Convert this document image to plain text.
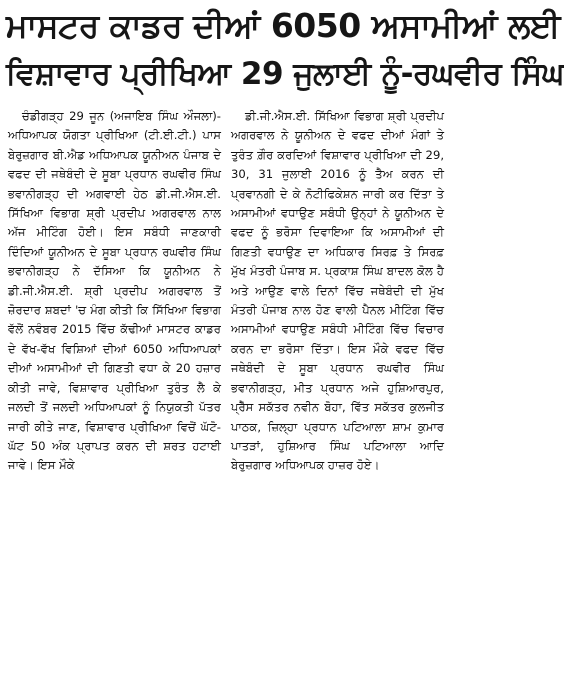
ਮਾਸਟਰ ਕਾਡਰ ਦੀਆਂ 6050 ਅਸਾਮੀਆਂ ਲਈ
ਵਿਸ਼ਾਵਾਰ ਪ੍ਰੀਖਿਆ 29 ਜੁਲਾਈ ਨੂੰ-ਰਘਵੀਰ ਸਿੰਘ

ਚੰਡੀਗੜ੍ਹ 29 ਜੂਨ (ਅਜਾਇਬ ਸਿੰਘ ਔਜਲਾ)-ਅਧਿਆਪਕ ਯੋਗਤਾ ਪ੍ਰੀਖਿਆ (ਟੀ.ਈ.ਟੀ.) ਪਾਸ ਬੇਰੁਜ਼ਗਾਰ ਬੀ.ਐਡ ਅਧਿਆਪਕ ਯੂਨੀਅਨ ਪੰਜਾਬ ਦੇ ਵਫਦ ਦੀ ਜਥੇਬੰਦੀ ਦੇ ਸੂਬਾ ਪ੍ਰਧਾਨ ਰਘਵੀਰ ਸਿੰਘ ਭਵਾਨੀਗੜ੍ਹ ਦੀ ਅਗਵਾਈ ਹੇਠ ਡੀ.ਜੀ.ਐਸ.ਈ. ਸਿੱਖਿਆ ਵਿਭਾਗ ਸ਼੍ਰੀ ਪ੍ਰਦੀਪ ਅਗਰਵਾਲ ਨਾਲ ਅੱਜ ਮੀਟਿੰਗ ਹੋਈ। ਇਸ ਸਬੰਧੀ ਜਾਣਕਾਰੀ ਦਿੰਦਿਆਂ ਯੂਨੀਅਨ ਦੇ ਸੂਬਾ ਪ੍ਰਧਾਨ ਰਘਵੀਰ ਸਿੰਘ ਭਵਾਨੀਗੜ੍ਹ ਨੇ ਦੱਸਿਆ ਕਿ ਯੂਨੀਅਨ ਨੇ ਡੀ.ਜੀ.ਐਸ.ਈ. ਸ਼੍ਰੀ ਪ੍ਰਦੀਪ ਅਗਰਵਾਲ ਤੋਂ ਜ਼ੋਰਦਾਰ ਸ਼ਬਦਾਂ 'ਚ ਮੰਗ ਕੀਤੀ ਕਿ ਸਿੱਖਿਆ ਵਿਭਾਗ ਵੱਲੋਂ ਨਵੰਬਰ 2015 ਵਿੱਚ ਕੱਢੀਆਂ ਮਾਸਟਰ ਕਾਡਰ ਦੇ ਵੱਖ-ਵੱਖ ਵਿਸ਼ਿਆਂ ਦੀਆਂ 6050 ਅਧਿਆਪਕਾਂ ਦੀਆਂ ਅਸਾਮੀਆਂ ਦੀ ਗਿਣਤੀ ਵਧਾ ਕੇ 20 ਹਜ਼ਾਰ ਕੀਤੀ ਜਾਵੇ, ਵਿਸ਼ਾਵਾਰ ਪ੍ਰੀਖਿਆ ਤੁਰੰਤ ਲੈ ਕੇ ਜਲਦੀ ਤੋਂ ਜਲਦੀ ਅਧਿਆਪਕਾਂ ਨੂੰ ਨਿਯੁਕਤੀ ਪੱਤਰ ਜਾਰੀ ਕੀਤੇ ਜਾਣ, ਵਿਸ਼ਾਵਾਰ ਪ੍ਰੀਖਿਆ ਵਿਚੋਂ ਘੱਟੋ-ਘੱਟ 50 ਅੰਕ ਪ੍ਰਾਪਤ ਕਰਨ ਦੀ ਸ਼ਰਤ ਹਟਾਈ ਜਾਵੇ। ਇਸ ਮੌਕੇ

ਡੀ.ਜੀ.ਐਸ.ਈ. ਸਿੱਖਿਆ ਵਿਭਾਗ ਸ਼੍ਰੀ ਪ੍ਰਦੀਪ ਅਗਰਵਾਲ ਨੇ ਯੂਨੀਅਨ ਦੇ ਵਫਦ ਦੀਆਂ ਮੰਗਾਂ ਤੇ ਤੁਰੰਤ ਗ਼ੌਰ ਕਰਦਿਆਂ ਵਿਸ਼ਾਵਾਰ ਪ੍ਰੀਖਿਆ ਦੀ 29, 30, 31 ਜੁਲਾਈ 2016 ਨੂੰ ਤੈਅ ਕਰਨ ਦੀ ਪ੍ਰਵਾਨਗੀ ਦੇ ਕੇ ਨੋਟੀਫਿਕੇਸ਼ਨ ਜਾਰੀ ਕਰ ਦਿੱਤਾ ਤੇ ਅਸਾਮੀਆਂ ਵਧਾਉਣ ਸਬੰਧੀ ਉਨ੍ਹਾਂ ਨੇ ਯੂਨੀਅਨ ਦੇ ਵਫਦ ਨੂੰ ਭਰੋਸਾ ਦਿਵਾਇਆ ਕਿ ਅਸਾਮੀਆਂ ਦੀ ਗਿਣਤੀ ਵਧਾਉਣ ਦਾ ਅਧਿਕਾਰ ਸਿਰਫ਼ ਤੇ ਸਿਰਫ਼ ਮੁੱਖ ਮੰਤਰੀ ਪੰਜਾਬ ਸ. ਪ੍ਰਕਾਸ਼ ਸਿੰਘ ਬਾਦਲ ਕੋਲ ਹੈ ਅਤੇ ਆਉਣ ਵਾਲੇ ਦਿਨਾਂ ਵਿੱਚ ਜਥੇਬੰਦੀ ਦੀ ਮੁੱਖ ਮੰਤਰੀ ਪੰਜਾਬ ਨਾਲ ਹੋਣ ਵਾਲੀ ਪੈਨਲ ਮੀਟਿੰਗ ਵਿੱਚ ਅਸਾਮੀਆਂ ਵਧਾਉਣ ਸਬੰਧੀ ਮੀਟਿੰਗ ਵਿੱਚ ਵਿਚਾਰ ਕਰਨ ਦਾ ਭਰੋਸਾ ਦਿੱਤਾ। ਇਸ ਮੌਕੇ ਵਫਦ ਵਿੱਚ ਜਥੇਬੰਦੀ ਦੇ ਸੂਬਾ ਪ੍ਰਧਾਨ ਰਘਵੀਰ ਸਿੰਘ ਭਵਾਨੀਗੜ੍ਹ, ਮੀਤ ਪ੍ਰਧਾਨ ਅਜੇ ਹੁਸ਼ਿਆਰਪੁਰ, ਪ੍ਰੈੱਸ ਸਕੱਤਰ ਨਵੀਨ ਬੋਹਾ, ਵਿੱਤ ਸਕੱਤਰ ਕੁਲਜੀਤ ਪਾਠਕ, ਜ਼ਿਲ੍ਹਾ ਪ੍ਰਧਾਨ ਪਟਿਆਲਾ ਸ਼ਾਮ ਕੁਮਾਰ ਪਾਤੜਾਂ, ਹੁਸ਼ਿਆਰ ਸਿੰਘ ਪਟਿਆਲਾ ਆਦਿ ਬੇਰੁਜ਼ਗਾਰ ਅਧਿਆਪਕ ਹਾਜ਼ਰ ਹੋਏ।
